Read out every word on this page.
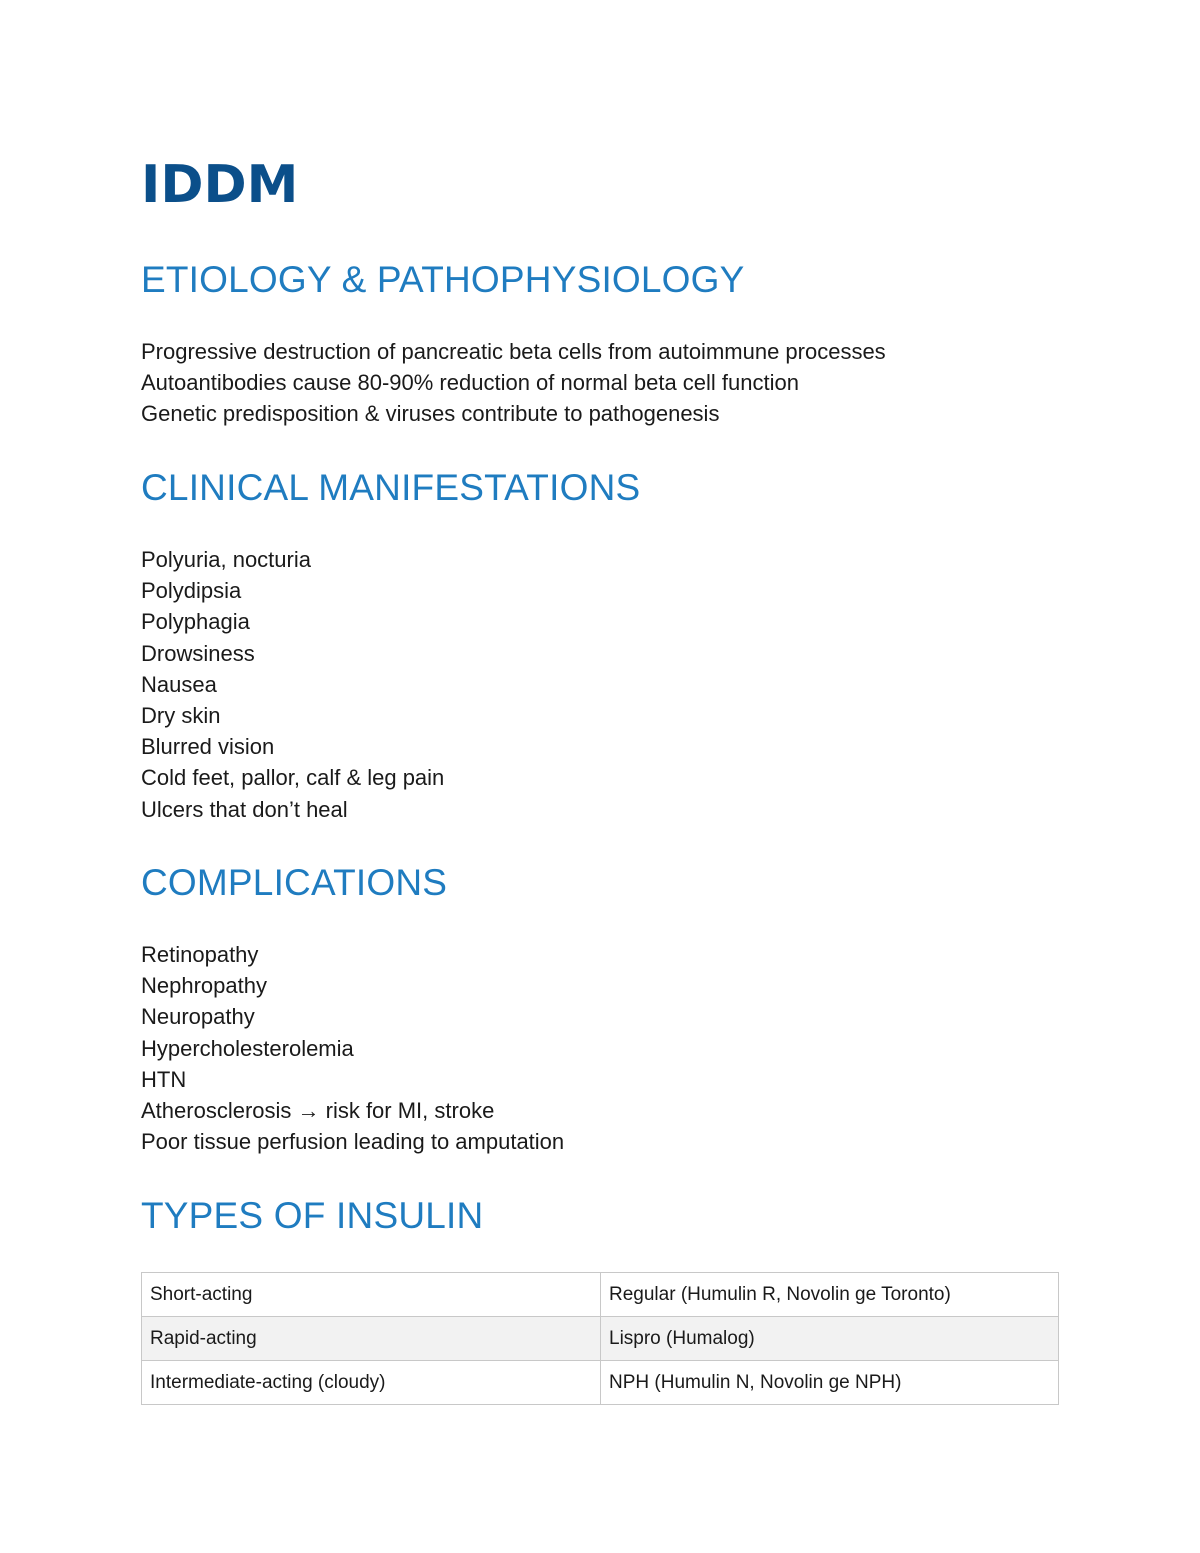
IDDM
ETIOLOGY & PATHOPHYSIOLOGY
Progressive destruction of pancreatic beta cells from autoimmune processes
Autoantibodies cause 80-90% reduction of normal beta cell function
Genetic predisposition & viruses contribute to pathogenesis
CLINICAL MANIFESTATIONS
Polyuria, nocturia
Polydipsia
Polyphagia
Drowsiness
Nausea
Dry skin
Blurred vision
Cold feet, pallor, calf & leg pain
Ulcers that don’t heal
COMPLICATIONS
Retinopathy
Nephropathy
Neuropathy
Hypercholesterolemia
HTN
Atherosclerosis → risk for MI, stroke
Poor tissue perfusion leading to amputation
TYPES OF INSULIN
Short-acting	Regular (Humulin R, Novolin ge Toronto)
Rapid-acting	Lispro (Humalog)
Intermediate-acting (cloudy)	NPH (Humulin N, Novolin ge NPH)
